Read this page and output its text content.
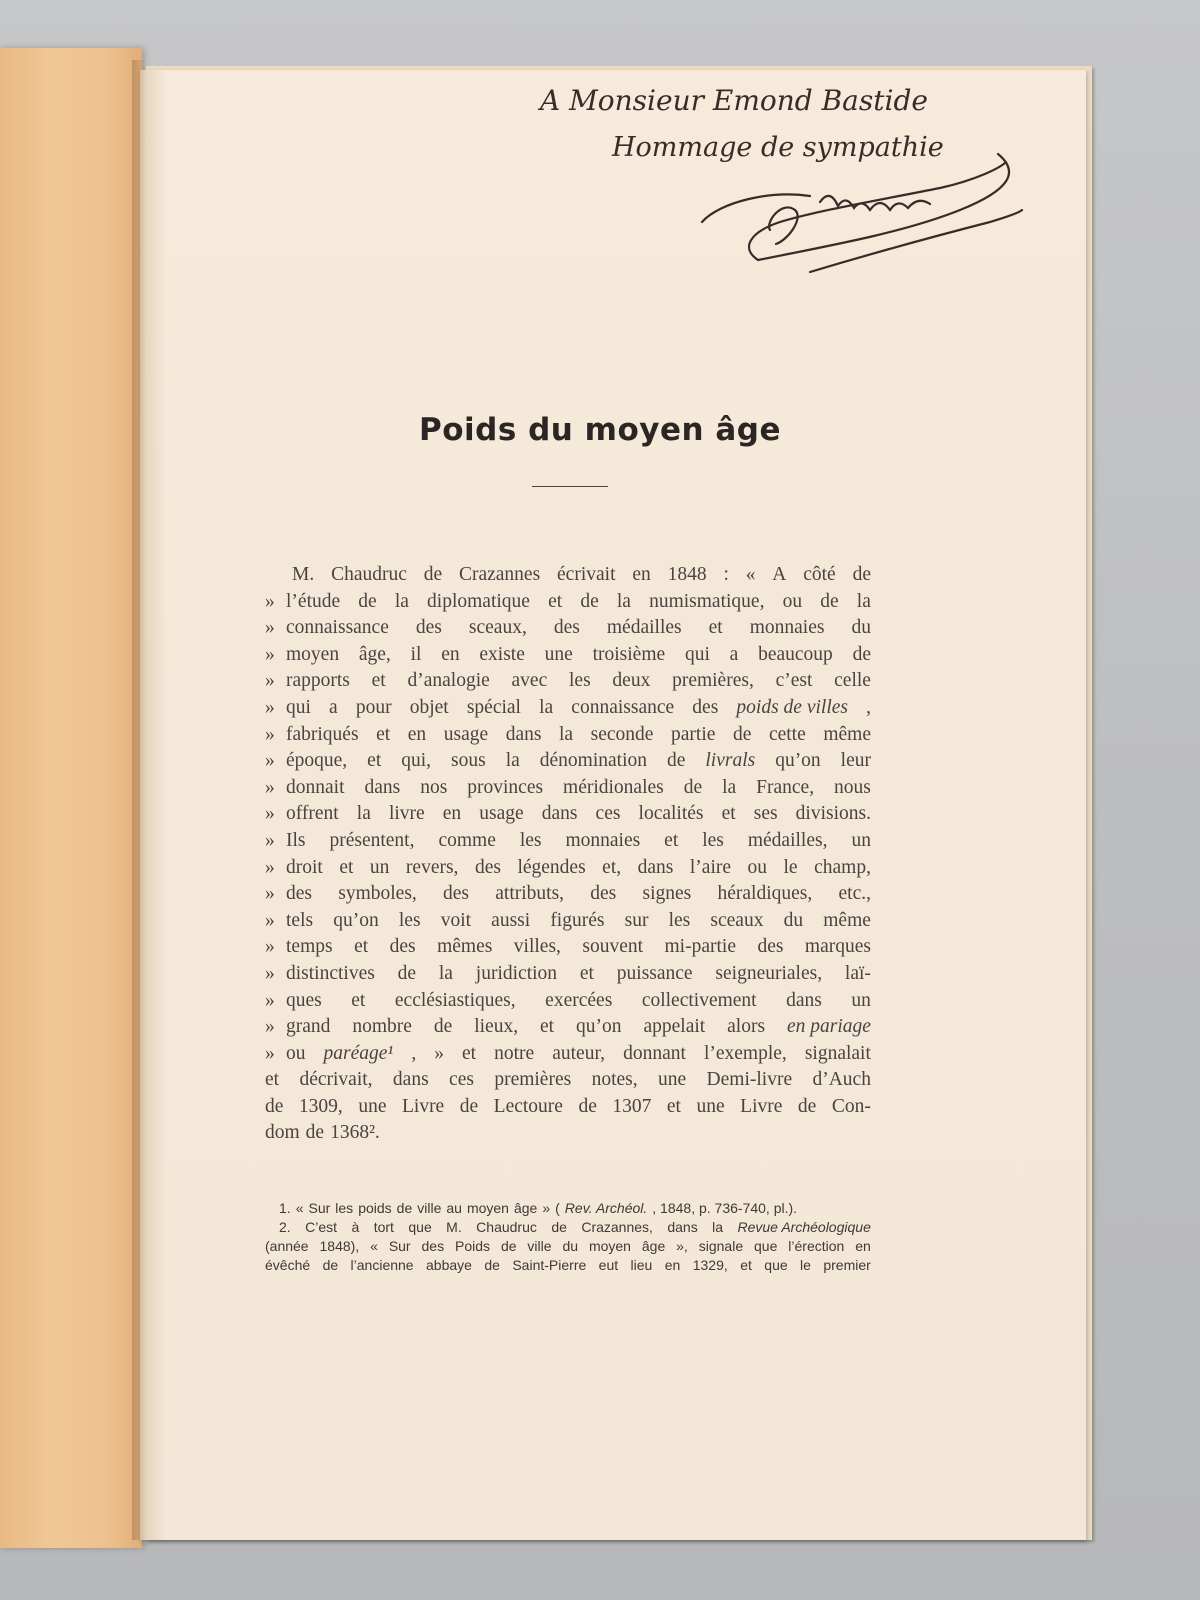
A Monsieur Emond Bastide
Hommage de sympathie
Auguste
Poids du moyen âge
M. Chaudruc de Crazannes écrivait en 1848 : « A côté de
» l’étude de la diplomatique et de la numismatique, ou de la
» connaissance des sceaux, des médailles et monnaies du
» moyen âge, il en existe une troisième qui a beaucoup de
» rapports et d’analogie avec les deux premières, c’est celle
» qui a pour objet spécial la connaissance des poids de villes ,
» fabriqués et en usage dans la seconde partie de cette même
» époque, et qui, sous la dénomination de livrals qu’on leur
» donnait dans nos provinces méridionales de la France, nous
» offrent la livre en usage dans ces localités et ses divisions.
» Ils présentent, comme les monnaies et les médailles, un
» droit et un revers, des légendes et, dans l’aire ou le champ,
» des symboles, des attributs, des signes héraldiques, etc.,
» tels qu’on les voit aussi figurés sur les sceaux du même
» temps et des mêmes villes, souvent mi-partie des marques
» distinctives de la juridiction et puissance seigneuriales, laï-
» ques et ecclésiastiques, exercées collectivement dans un
» grand nombre de lieux, et qu’on appelait alors en pariage
» ou paréage¹ , » et notre auteur, donnant l’exemple, signalait
et décrivait, dans ces premières notes, une Demi-livre d’Auch
de 1309, une Livre de Lectoure de 1307 et une Livre de Con-
dom de 1368².
1. « Sur les poids de ville au moyen âge » ( Rev. Archéol. , 1848, p. 736-740, pl.).
2. C’est à tort que M. Chaudruc de Crazannes, dans la Revue Archéologique
(année 1848), « Sur des Poids de ville du moyen âge », signale que l’érection en
évêché de l’ancienne abbaye de Saint-Pierre eut lieu en 1329, et que le premier
